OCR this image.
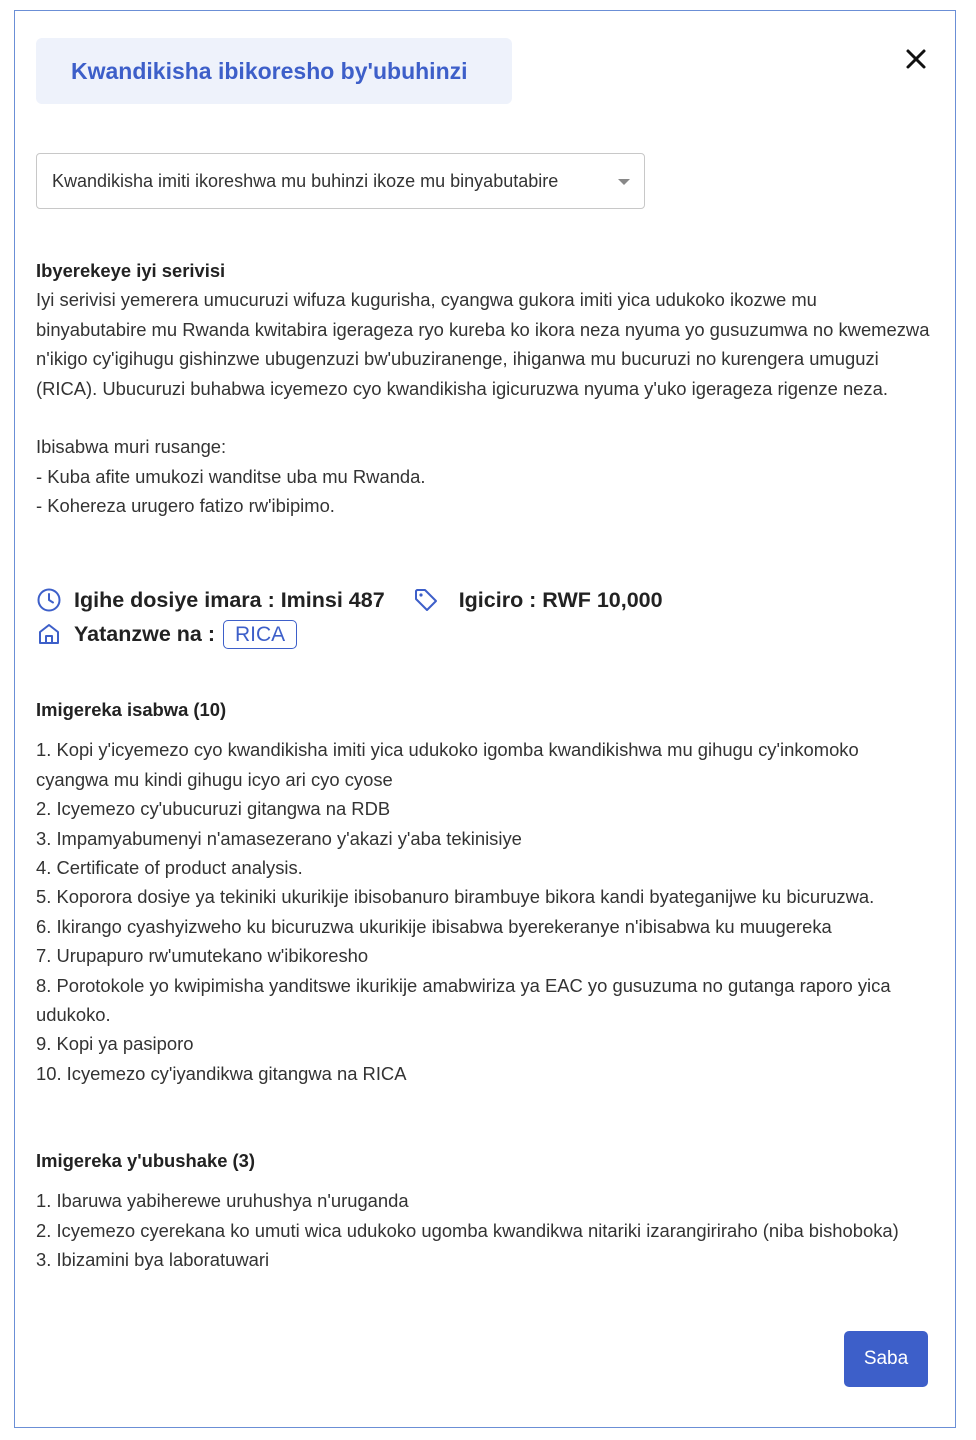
Kwandikisha ibikoresho by'ubuhinzi
Kwandikisha imiti ikoreshwa mu buhinzi ikoze mu binyabutabire
Ibyerekeye iyi serivisi

Iyi serivisi yemerera umucuruzi wifuza kugurisha, cyangwa gukora imiti yica udukoko ikozwe mu binyabutabire mu Rwanda kwitabira igerageza ryo kureba ko ikora neza nyuma yo gusuzumwa no kwemezwa n'ikigo cy'igihugu gishinzwe ubugenzuzi bw'ubuziranenge, ihiganwa mu bucuruzi no kurengera umuguzi (RICA). Ubucuruzi buhabwa icyemezo cyo kwandikisha igicuruzwa nyuma y'uko igerageza rigenze neza.

Ibisabwa muri rusange:
- Kuba afite umukozi wanditse uba mu Rwanda.
- Kohereza urugero fatizo rw'ibipimo.
Igihe dosiye imara : Iminsi 487	Igiciro : RWF 10,000
Yatanzwe na : RICA
Imigereka isabwa (10)
1. Kopi y'icyemezo cyo kwandikisha imiti yica udukoko igomba kwandikishwa mu gihugu cy'inkomoko cyangwa mu kindi gihugu icyo ari cyo cyose
2. Icyemezo cy'ubucuruzi gitangwa na RDB
3. Impamyabumenyi n'amasezerano y'akazi y'aba tekinisiye
4. Certificate of product analysis.
5. Koporora dosiye ya tekiniki ukurikije ibisobanuro birambuye bikora kandi byateganijwe ku bicuruzwa.
6. Ikirango cyashyizweho ku bicuruzwa ukurikije ibisabwa byerekeranye n'ibisabwa ku muugereka
7. Urupapuro rw'umutekano w'ibikoresho
8. Porotokole yo kwipimisha yanditswe ikurikije amabwiriza ya EAC yo gusuzuma no gutanga raporo yica udukoko.
9. Kopi ya pasiporo
10. Icyemezo cy'iyandikwa gitangwa na RICA
Imigereka y'ubushake (3)
1. Ibaruwa yabiherewe uruhushya n'uruganda
2. Icyemezo cyerekana ko umuti wica udukoko ugomba kwandikwa nitariki izarangiriraho (niba bishoboka)
3. Ibizamini bya laboratuwari
Saba
